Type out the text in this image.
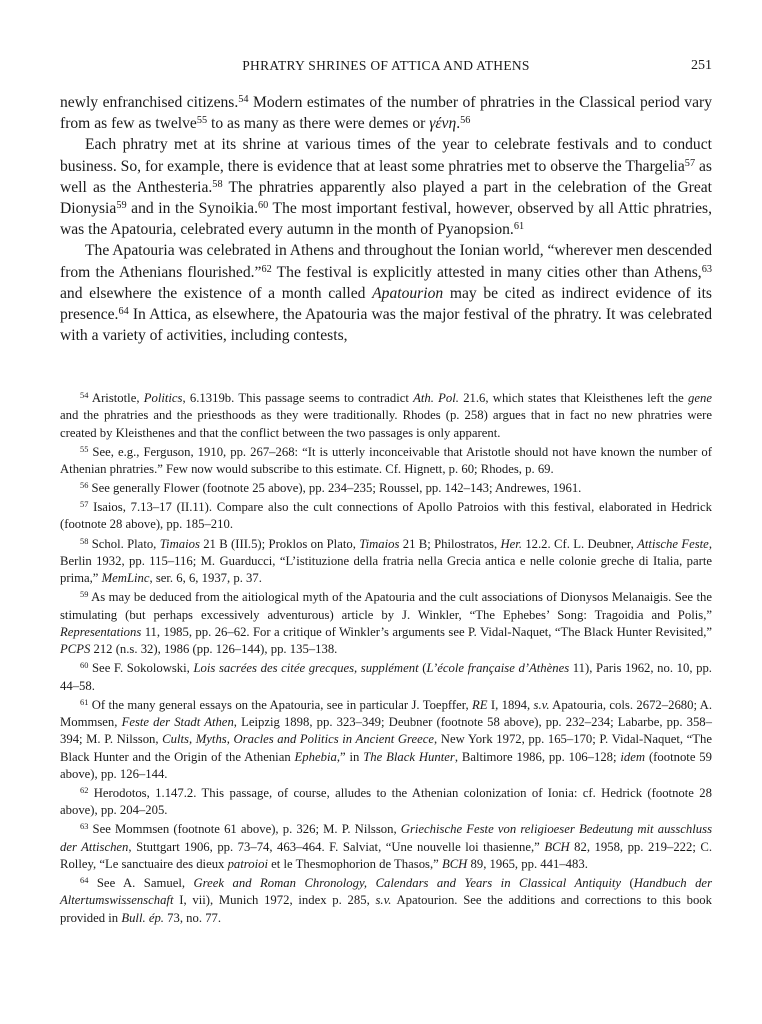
PHRATRY SHRINES OF ATTICA AND ATHENS	251

newly enfranchised citizens.$^{54}$ Modern estimates of the number of phratries in the Classical period vary from as few as twelve$^{55}$ to as many as there were demes or γένη.$^{56}$

Each phratry met at its shrine at various times of the year to celebrate festivals and to conduct business. So, for example, there is evidence that at least some phratries met to observe the Thargelia$^{57}$ as well as the Anthesteria.$^{58}$ The phratries apparently also played a part in the celebration of the Great Dionysia$^{59}$ and in the Synoikia.$^{60}$ The most important festival, however, observed by all Attic phratries, was the Apatouria, celebrated every autumn in the month of Pyanopsion.$^{61}$

The Apatouria was celebrated in Athens and throughout the Ionian world, “wherever men descended from the Athenians flourished.”$^{62}$ The festival is explicitly attested in many cities other than Athens,$^{63}$ and elsewhere the existence of a month called Apatourion may be cited as indirect evidence of its presence.$^{64}$ In Attica, as elsewhere, the Apatouria was the major festival of the phratry. It was celebrated with a variety of activities, including contests,

$^{54}$ Aristotle, Politics, 6.1319b. This passage seems to contradict Ath. Pol. 21.6, which states that Kleisthenes left the gene and the phratries and the priesthoods as they were traditionally. Rhodes (p. 258) argues that in fact no new phratries were created by Kleisthenes and that the conflict between the two passages is only apparent.

$^{55}$ See, e.g., Ferguson, 1910, pp. 267–268: “It is utterly inconceivable that Aristotle should not have known the number of Athenian phratries.” Few now would subscribe to this estimate. Cf. Hignett, p. 60; Rhodes, p. 69.

$^{56}$ See generally Flower (footnote 25 above), pp. 234–235; Roussel, pp. 142–143; Andrewes, 1961.

$^{57}$ Isaios, 7.13–17 (II.11). Compare also the cult connections of Apollo Patroios with this festival, elaborated in Hedrick (footnote 28 above), pp. 185–210.

$^{58}$ Schol. Plato, Timaios 21 B (III.5); Proklos on Plato, Timaios 21 B; Philostratos, Her. 12.2. Cf. L. Deubner, Attische Feste, Berlin 1932, pp. 115–116; M. Guarducci, “L’istituzione della fratria nella Grecia antica e nelle colonie greche di Italia, parte prima,” MemLinc, ser. 6, 6, 1937, p. 37.

$^{59}$ As may be deduced from the aitiological myth of the Apatouria and the cult associations of Dionysos Melanaigis. See the stimulating (but perhaps excessively adventurous) article by J. Winkler, “The Ephebes’ Song: Tragoidia and Polis,” Representations 11, 1985, pp. 26–62. For a critique of Winkler’s arguments see P. Vidal-Naquet, “The Black Hunter Revisited,” PCPS 212 (n.s. 32), 1986 (pp. 126–144), pp. 135–138.

$^{60}$ See F. Sokolowski, Lois sacrées des citée grecques, supplément (L’école française d’Athènes 11), Paris 1962, no. 10, pp. 44–58.

$^{61}$ Of the many general essays on the Apatouria, see in particular J. Toepffer, RE I, 1894, s.v. Apatouria, cols. 2672–2680; A. Mommsen, Feste der Stadt Athen, Leipzig 1898, pp. 323–349; Deubner (footnote 58 above), pp. 232–234; Labarbe, pp. 358–394; M. P. Nilsson, Cults, Myths, Oracles and Politics in Ancient Greece, New York 1972, pp. 165–170; P. Vidal-Naquet, “The Black Hunter and the Origin of the Athenian Ephebia,” in The Black Hunter, Baltimore 1986, pp. 106–128; idem (footnote 59 above), pp. 126–144.

$^{62}$ Herodotos, 1.147.2. This passage, of course, alludes to the Athenian colonization of Ionia: cf. Hedrick (footnote 28 above), pp. 204–205.

$^{63}$ See Mommsen (footnote 61 above), p. 326; M. P. Nilsson, Griechische Feste von religioeser Bedeutung mit ausschluss der Attischen, Stuttgart 1906, pp. 73–74, 463–464. F. Salviat, “Une nouvelle loi thasienne,” BCH 82, 1958, pp. 219–222; C. Rolley, “Le sanctuaire des dieux patroioi et le Thesmophorion de Thasos,” BCH 89, 1965, pp. 441–483.

$^{64}$ See A. Samuel, Greek and Roman Chronology, Calendars and Years in Classical Antiquity (Handbuch der Altertumswissenschaft I, vii), Munich 1972, index p. 285, s.v. Apatourion. See the additions and corrections to this book provided in Bull. ép. 73, no. 77.
